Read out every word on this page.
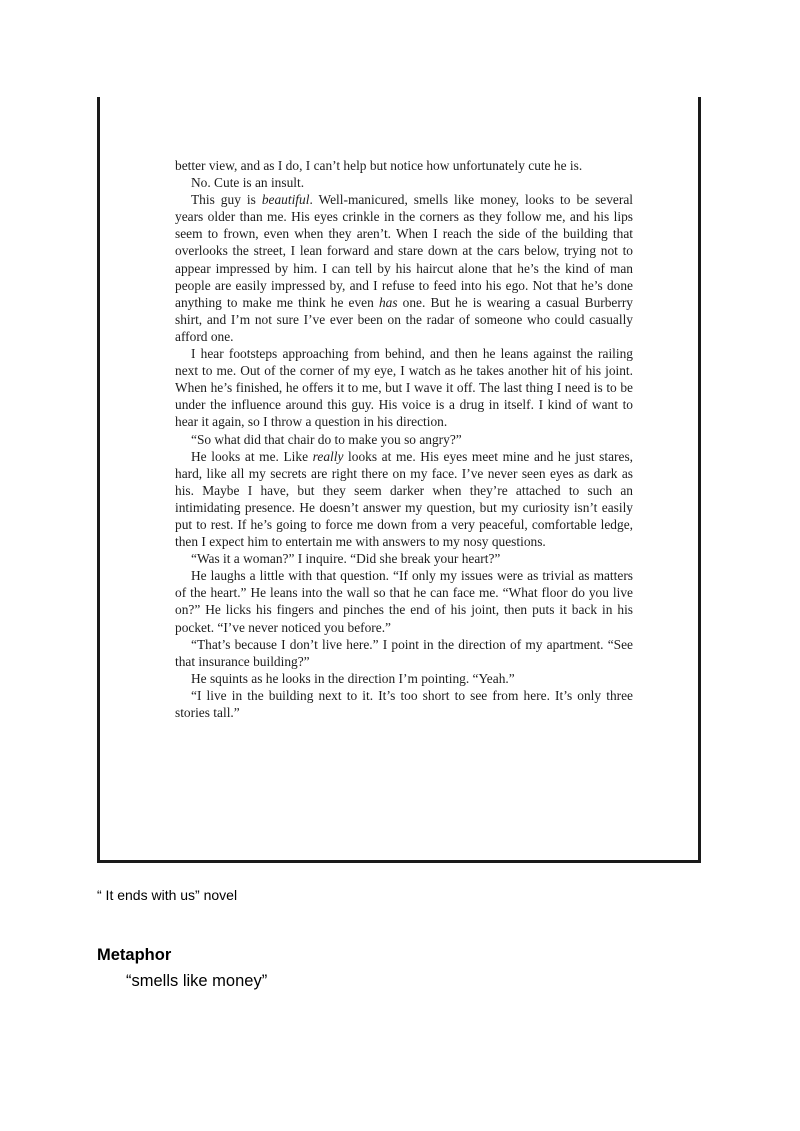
better view, and as I do, I can’t help but notice how unfortunately cute he is.

No. Cute is an insult.

This guy is beautiful. Well-manicured, smells like money, looks to be several years older than me. His eyes crinkle in the corners as they follow me, and his lips seem to frown, even when they aren’t. When I reach the side of the building that overlooks the street, I lean forward and stare down at the cars below, trying not to appear impressed by him. I can tell by his haircut alone that he’s the kind of man people are easily impressed by, and I refuse to feed into his ego. Not that he’s done anything to make me think he even has one. But he is wearing a casual Burberry shirt, and I’m not sure I’ve ever been on the radar of someone who could casually afford one.

I hear footsteps approaching from behind, and then he leans against the railing next to me. Out of the corner of my eye, I watch as he takes another hit of his joint. When he’s finished, he offers it to me, but I wave it off. The last thing I need is to be under the influence around this guy. His voice is a drug in itself. I kind of want to hear it again, so I throw a question in his direction.

“So what did that chair do to make you so angry?”

He looks at me. Like really looks at me. His eyes meet mine and he just stares, hard, like all my secrets are right there on my face. I’ve never seen eyes as dark as his. Maybe I have, but they seem darker when they’re attached to such an intimidating presence. He doesn’t answer my question, but my curiosity isn’t easily put to rest. If he’s going to force me down from a very peaceful, comfortable ledge, then I expect him to entertain me with answers to my nosy questions.

“Was it a woman?” I inquire. “Did she break your heart?”

He laughs a little with that question. “If only my issues were as trivial as matters of the heart.” He leans into the wall so that he can face me. “What floor do you live on?” He licks his fingers and pinches the end of his joint, then puts it back in his pocket. “I’ve never noticed you before.”

“That’s because I don’t live here.” I point in the direction of my apartment. “See that insurance building?”

He squints as he looks in the direction I’m pointing. “Yeah.”

“I live in the building next to it. It’s too short to see from here. It’s only three stories tall.”

“ It ends with us” novel
Metaphor
“smells like money”
